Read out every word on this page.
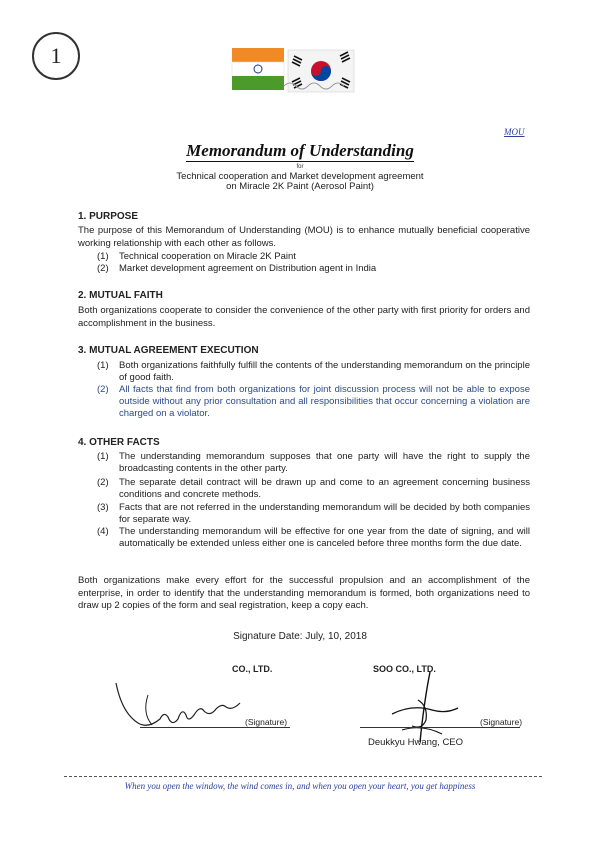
1
MOU
Memorandum of Understanding
for
Technical cooperation and Market development agreement
on Miracle 2K Paint (Aerosol Paint)
1. PURPOSE
The purpose of this Memorandum of Understanding (MOU) is to enhance mutually beneficial cooperative working relationship with each other as follows.
(1) Technical cooperation on Miracle 2K Paint
(2) Market development agreement on Distribution agent in India
2. MUTUAL FAITH
Both organizations cooperate to consider the convenience of the other party with first priority for orders and accomplishment in the business.
3. MUTUAL AGREEMENT EXECUTION
(1) Both organizations faithfully fulfill the contents of the understanding memorandum on the principle of good faith.
(2) All facts that find from both organizations for joint discussion process will not be able to expose outside without any prior consultation and all responsibilities that occur concerning a violation are charged on a violator.
4. OTHER FACTS
(1) The understanding memorandum supposes that one party will have the right to supply the broadcasting contents in the other party.
(2) The separate detail contract will be drawn up and come to an agreement concerning business conditions and concrete methods.
(3) Facts that are not referred in the understanding memorandum will be decided by both companies for separate way.
(4) The understanding memorandum will be effective for one year from the date of signing, and will automatically be extended unless either one is canceled before three months form the due date.
Both organizations make every effort for the successful propulsion and an accomplishment of the enterprise, in order to identify that the understanding memorandum is formed, both organizations need to draw up 2 copies of the form and seal registration, keep a copy each.
Signature Date: July, 10, 2018
CO., LTD.	SOO CO., LTD.
(Signature)	(Signature)
Deukkyu Hwang, CEO
When you open the window, the wind comes in, and when you open your heart, you get happiness
